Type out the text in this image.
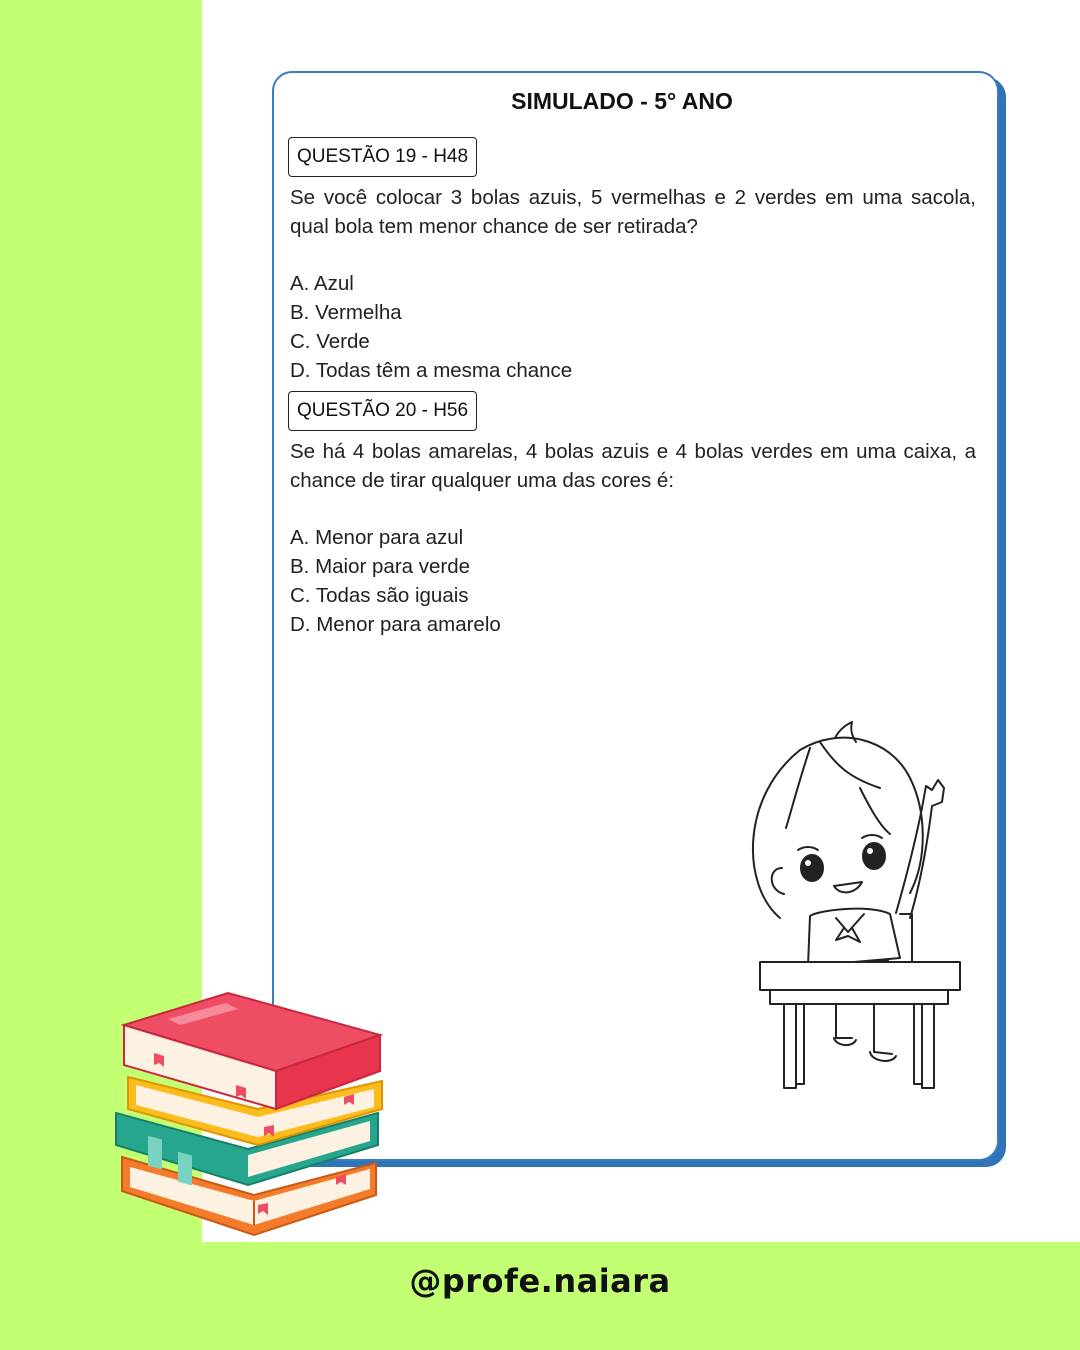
SIMULADO - 5° ANO
QUESTÃO 19 - H48
Se você colocar 3 bolas azuis, 5 vermelhas e 2 verdes em uma sacola, qual bola tem menor chance de ser retirada?
A. Azul
B. Vermelha
C. Verde
D. Todas têm a mesma chance
QUESTÃO 20 - H56
Se há 4 bolas amarelas, 4 bolas azuis e 4 bolas verdes em uma caixa, a chance de tirar qualquer uma das cores é:
A. Menor para azul
B. Maior para verde
C. Todas são iguais
D. Menor para amarelo
@profe.naiara
